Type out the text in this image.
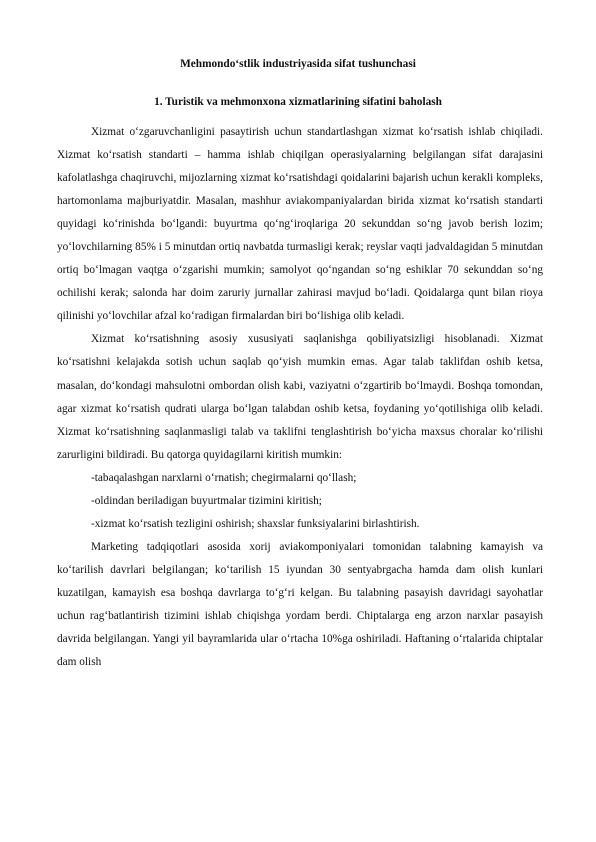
Mehmondo‘stlik industriyasida sifat tushunchasi
1. Turistik va mehmonxona xizmatlarining sifatini baholash

Xizmat o‘zgaruvchanligini pasaytirish uchun standartlashgan xizmat ko‘rsatish ishlab chiqiladi. Xizmat ko‘rsatish standarti – hamma ishlab chiqilgan operasiyalarning belgilangan sifat darajasini kafolatlashga chaqiruvchi, mijozlarning xizmat ko‘rsatishdagi qoidalarini bajarish uchun kerakli kompleks, hartomonlama majburiyatdir. Masalan, mashhur aviakompaniyalardan birida xizmat ko‘rsatish standarti quyidagi ko‘rinishda bo‘lgandi: buyurtma qo‘ng‘iroqlariga 20 sekunddan so‘ng javob berish lozim; yo‘lovchilarning 85% i 5 minutdan ortiq navbatda turmasligi kerak; reyslar vaqti jadvaldagidan 5 minutdan ortiq bo‘lmagan vaqtga o‘zgarishi mumkin; samolyot qo‘ngandan so‘ng eshiklar 70 sekunddan so‘ng ochilishi kerak; salonda har doim zaruriy jurnallar zahirasi mavjud bo‘ladi. Qoidalarga qunt bilan rioya qilinishi yo‘lovchilar afzal ko‘radigan firmalardan biri bo‘lishiga olib keladi.

Xizmat ko‘rsatishning asosiy xususiyati saqlanishga qobiliyatsizligi hisoblanadi. Xizmat ko‘rsatishni kelajakda sotish uchun saqlab qo‘yish mumkin emas. Agar talab taklifdan oshib ketsa, masalan, do‘kondagi mahsulotni ombordan olish kabi, vaziyatni o‘zgartirib bo‘lmaydi. Boshqa tomondan, agar xizmat ko‘rsatish qudrati ularga bo‘lgan talabdan oshib ketsa, foydaning yo‘qotilishiga olib keladi. Xizmat ko‘rsatishning saqlanmasligi talab va taklifni tenglashtirish bo‘yicha maxsus choralar ko‘rilishi zarurligini bildiradi. Bu qatorga quyidagilarni kiritish mumkin:

-tabaqalashgan narxlarni o‘rnatish; chegirmalarni qo‘llash;

-oldindan beriladigan buyurtmalar tizimini kiritish;

-xizmat ko‘rsatish tezligini oshirish; shaxslar funksiyalarini birlashtirish.

Marketing tadqiqotlari asosida xorij aviakomponiyalari tomonidan talabning kamayish va ko‘tarilish davrlari belgilangan; ko‘tarilish 15 iyundan 30 sentyabrgacha hamda dam olish kunlari kuzatilgan, kamayish esa boshqa davrlarga to‘g‘ri kelgan. Bu talabning pasayish davridagi sayohatlar uchun rag‘batlantirish tizimini ishlab chiqishga yordam berdi. Chiptalarga eng arzon narxlar pasayish davrida belgilangan. Yangi yil bayramlarida ular o‘rtacha 10%ga oshiriladi. Haftaning o‘rtalarida chiptalar dam olish
